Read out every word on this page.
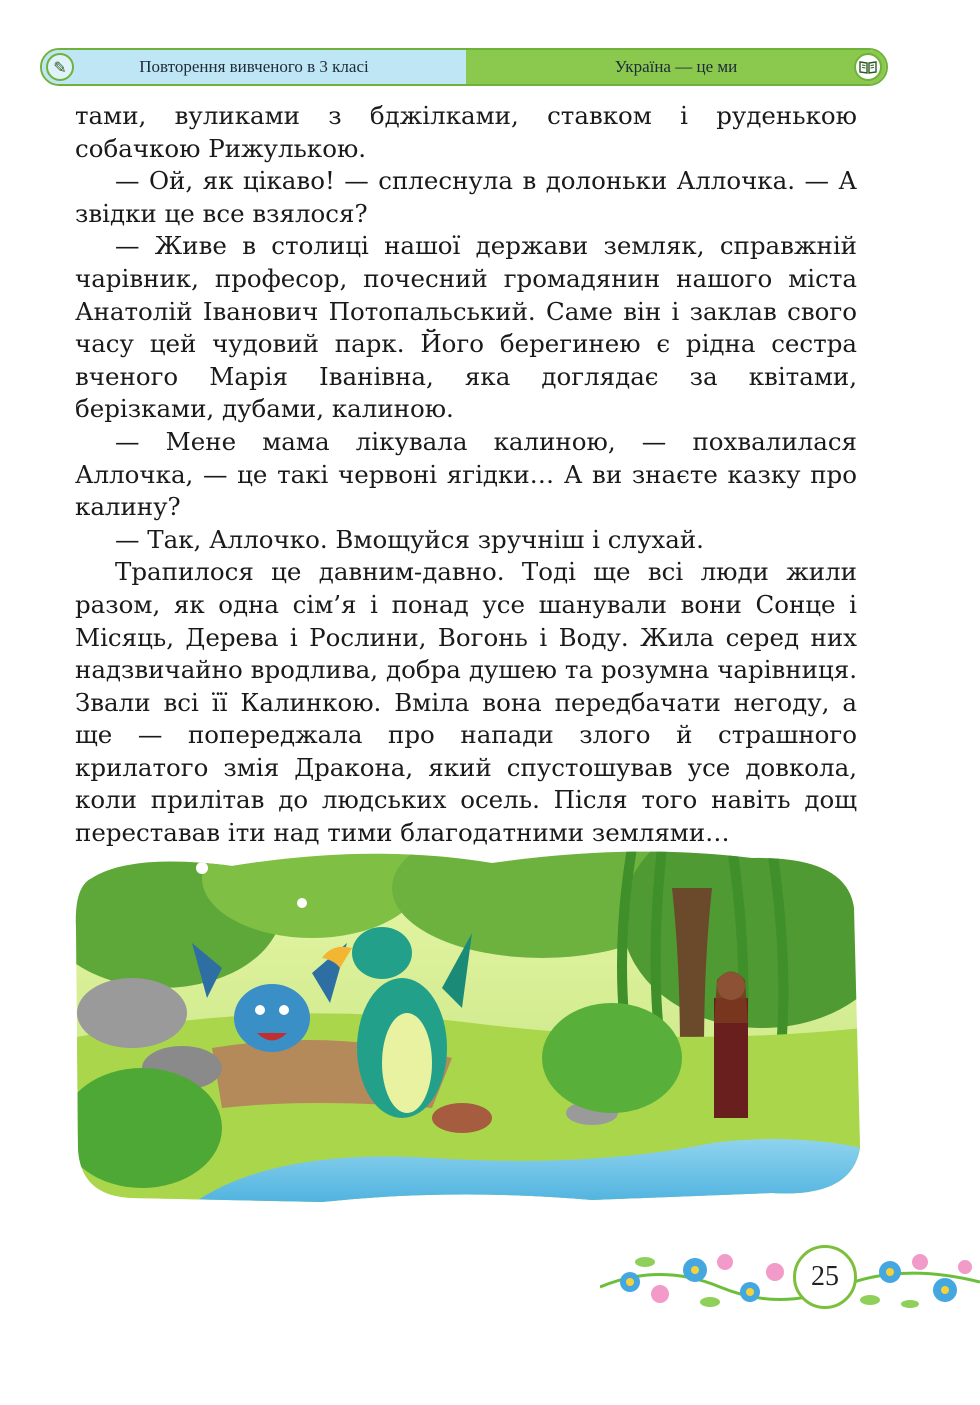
✎	Повторення вивченого в 3 класі	Україна — це ми

тами, вуликами з бджілками, ставком і руденькою собачкою Рижулькою.

— Ой, як цікаво! — сплеснула в долоньки Аллочка. — А звідки це все взялося?

— Живе в столиці нашої держави земляк, справжній чарівник, професор, почесний громадянин нашого міста Анатолій Іванович Потопальський. Саме він і заклав свого часу цей чудовий парк. Його берегинею є рідна сестра вченого Марія Іванівна, яка доглядає за квітами, берізками, дубами, калиною.

— Мене мама лікувала калиною, — похвалилася Аллочка, — це такі червоні ягідки… А ви знаєте казку про калину?

— Так, Аллочко. Вмощуйся зручніш і слухай.

Трапилося це давним-давно. Тоді ще всі люди жили разом, як одна сім’я і понад усе шанували вони Сонце і Місяць, Дерева і Рослини, Вогонь і Воду. Жила серед них надзвичайно вродлива, добра душею та розумна чарівниця. Звали всі її Калинкою. Вміла вона передбачати негоду, а ще — попереджала про напади злого й страшного крилатого змія Дракона, який спустошував усе довкола, коли прилітав до людських осель. Після того навіть дощ переставав іти над тими благодатними землями…

25
